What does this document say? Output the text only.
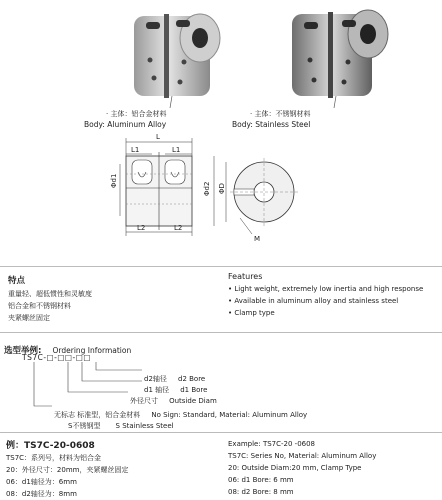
· 主体：铝合金材料
Body: Aluminum Alloy
· 主体：不锈钢材料
Body: Stainless Steel
L
L1	L1
L2	L2
Φd1
Φd2 ΦD
M
特点
重量轻、超低惯性和灵敏度
铝合金和不锈钢材料
夹紧螺丝固定
Features
• Light weight, extremely low inertia and high response
• Available in aluminum alloy and stainless steel
• Clamp type
选型举例: Ordering Information
TS7C-□-□□-□□
d2轴径 d2 Bore
d1 轴径 d1 Bore
外径尺寸 Outside Diam
无标志 标准型，铝合金材料 No Sign: Standard, Material: Aluminum Alloy
S不锈钢型 S Stainless Steel
例：TS7C-20-0608
TS7C：系列号，材料为铝合金
20：外径尺寸：20mm，夹紧螺丝固定
06：d1轴径为：6mm
08：d2轴径为：8mm
Example: TS7C-20 -0608
TS7C: Series No, Material: Aluminum Alloy
20: Outside Diam:20 mm, Clamp Type
06: d1 Bore: 6 mm
08: d2 Bore: 8 mm
